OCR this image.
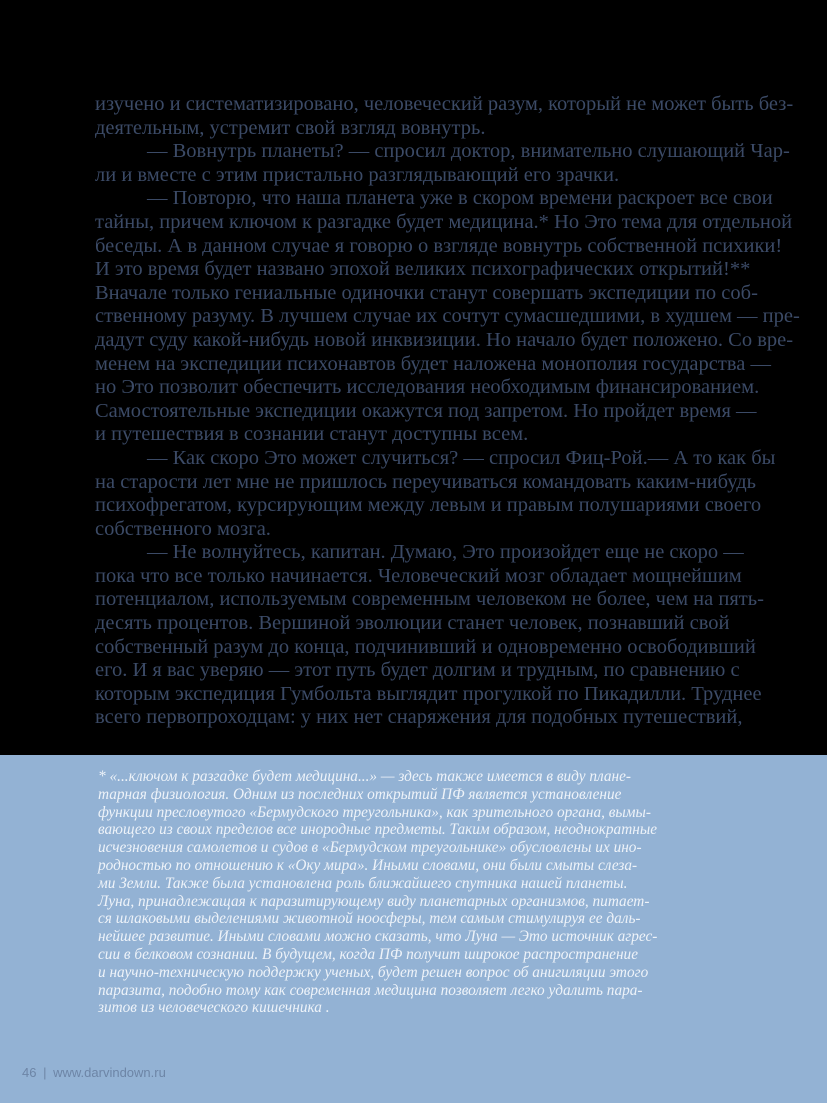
изучено и систематизировано, человеческий разум, который не может быть без-
деятельным, устремит свой взгляд вовнутрь.
— Вовнутрь планеты? — спросил доктор, внимательно слушающий Чар-
ли и вместе с этим пристально разглядывающий его зрачки.
— Повторю, что наша планета уже в скором времени раскроет все свои
тайны, причем ключом к разгадке будет медицина.* Но Это тема для отдельной
беседы. А в данном случае я говорю о взгляде вовнутрь собственной психики!
И это время будет названо эпохой великих психографических открытий!**
Вначале только гениальные одиночки станут совершать экспедиции по соб-
ственному разуму. В лучшем случае их сочтут сумасшедшими, в худшем — пре-
дадут суду какой-нибудь новой инквизиции. Но начало будет положено. Со вре-
менем на экспедиции психонавтов будет наложена монополия государства —
но Это позволит обеспечить исследования необходимым финансированием.
Самостоятельные экспедиции окажутся под запретом. Но пройдет время —
и путешествия в сознании станут доступны всем.
— Как скоро Это может случиться? — спросил Фиц-Рой.— А то как бы
на старости лет мне не пришлось переучиваться командовать каким-нибудь
психофрегатом, курсирующим между левым и правым полушариями своего
собственного мозга.
— Не волнуйтесь, капитан. Думаю, Это произойдет еще не скоро —
пока что все только начинается. Человеческий мозг обладает мощнейшим
потенциалом, используемым современным человеком не более, чем на пять-
десять процентов. Вершиной эволюции станет человек, познавший свой
собственный разум до конца, подчинивший и одновременно освободивший
его. И я вас уверяю — этот путь будет долгим и трудным, по сравнению с
которым экспедиция Гумбольта выглядит прогулкой по Пикадилли. Труднее
всего первопроходцам: у них нет снаряжения для подобных путешествий,
* «...ключом к разгадке будет медицина...» — здесь также имеется в виду плане-
тарная физиология. Одним из последних открытий ПФ является установление
функции пресловутого «Бермудского треугольника», как зрительного органа, вымы-
вающего из своих пределов все инородные предметы. Таким образом, неоднократные
исчезновения самолетов и судов в «Бермудском треугольнике» обусловлены их ино-
родностью по отношению к «Оку мира». Иными словами, они были смыты слеза-
ми Земли. Также была установлена роль ближайшего спутника нашей планеты.
Луна, принадлежащая к паразитирующему виду планетарных организмов, питает-
ся шлаковыми выделениями животной ноосферы, тем самым стимулируя ее даль-
нейшее развитие. Иными словами можно сказать, что Луна — Это источник агрес-
сии в белковом сознании. В будущем, когда ПФ получит широкое распространение
и научно-техническую поддержку ученых, будет решен вопрос об анигиляции этого
паразита, подобно тому как современная медицина позволяет легко удалить пара-
зитов из человеческого кишечника .
46 | www.darvindown.ru
